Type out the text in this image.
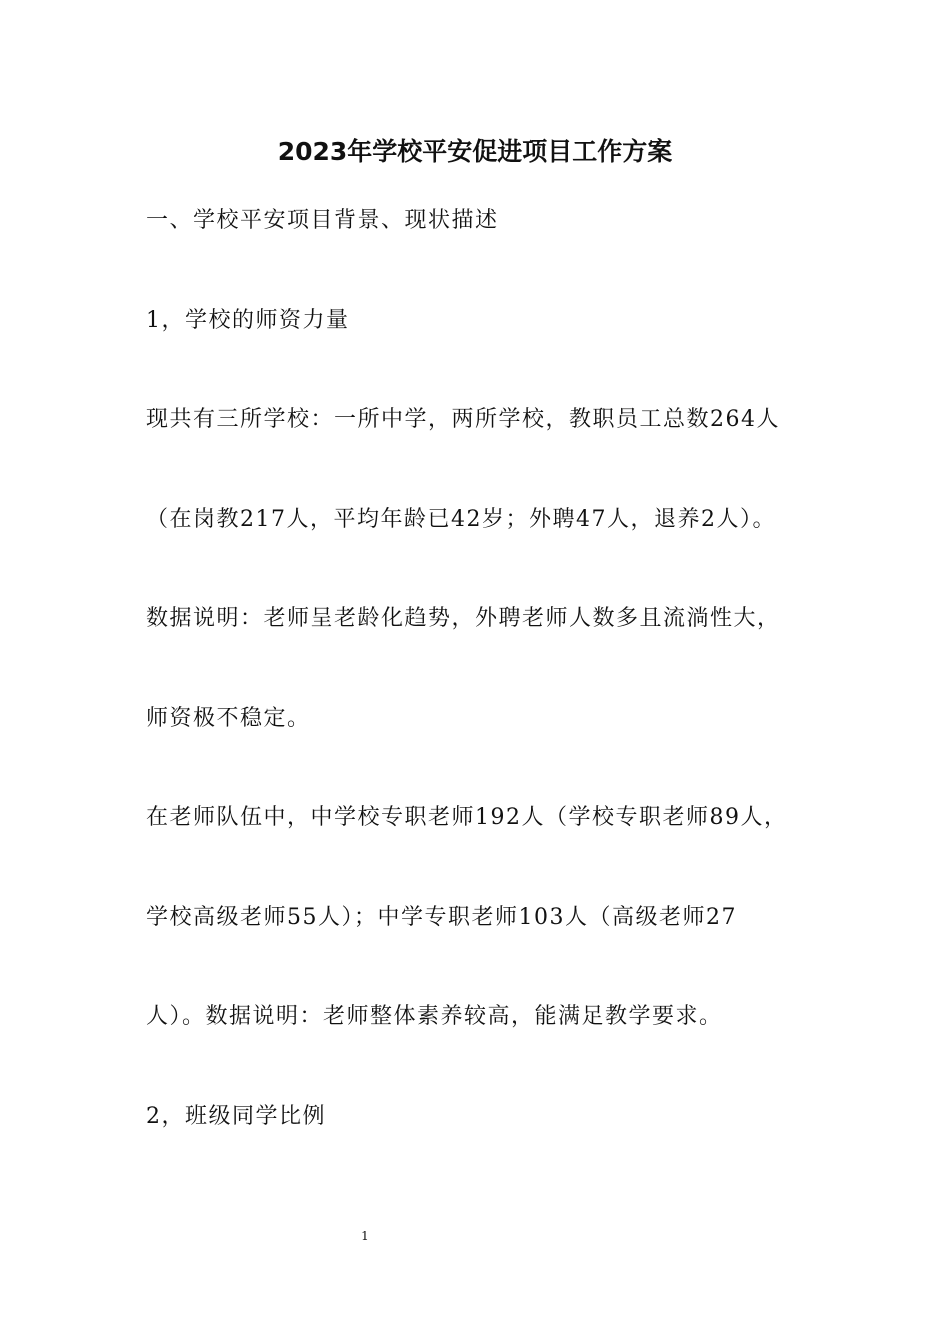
2023年学校平安促进项目工作方案
一、学校平安项目背景、现状描述
1，学校的师资力量
现共有三所学校：一所中学，两所学校，教职员工总数264人
（在岗教217人，平均年龄已42岁；外聘47人，退养2人）。
数据说明：老师呈老龄化趋势，外聘老师人数多且流淌性大，
师资极不稳定。
在老师队伍中，中学校专职老师192人（学校专职老师89人，
学校高级老师55人）；中学专职老师103人（高级老师27
人）。数据说明：老师整体素养较高，能满足教学要求。
2，班级同学比例
1
